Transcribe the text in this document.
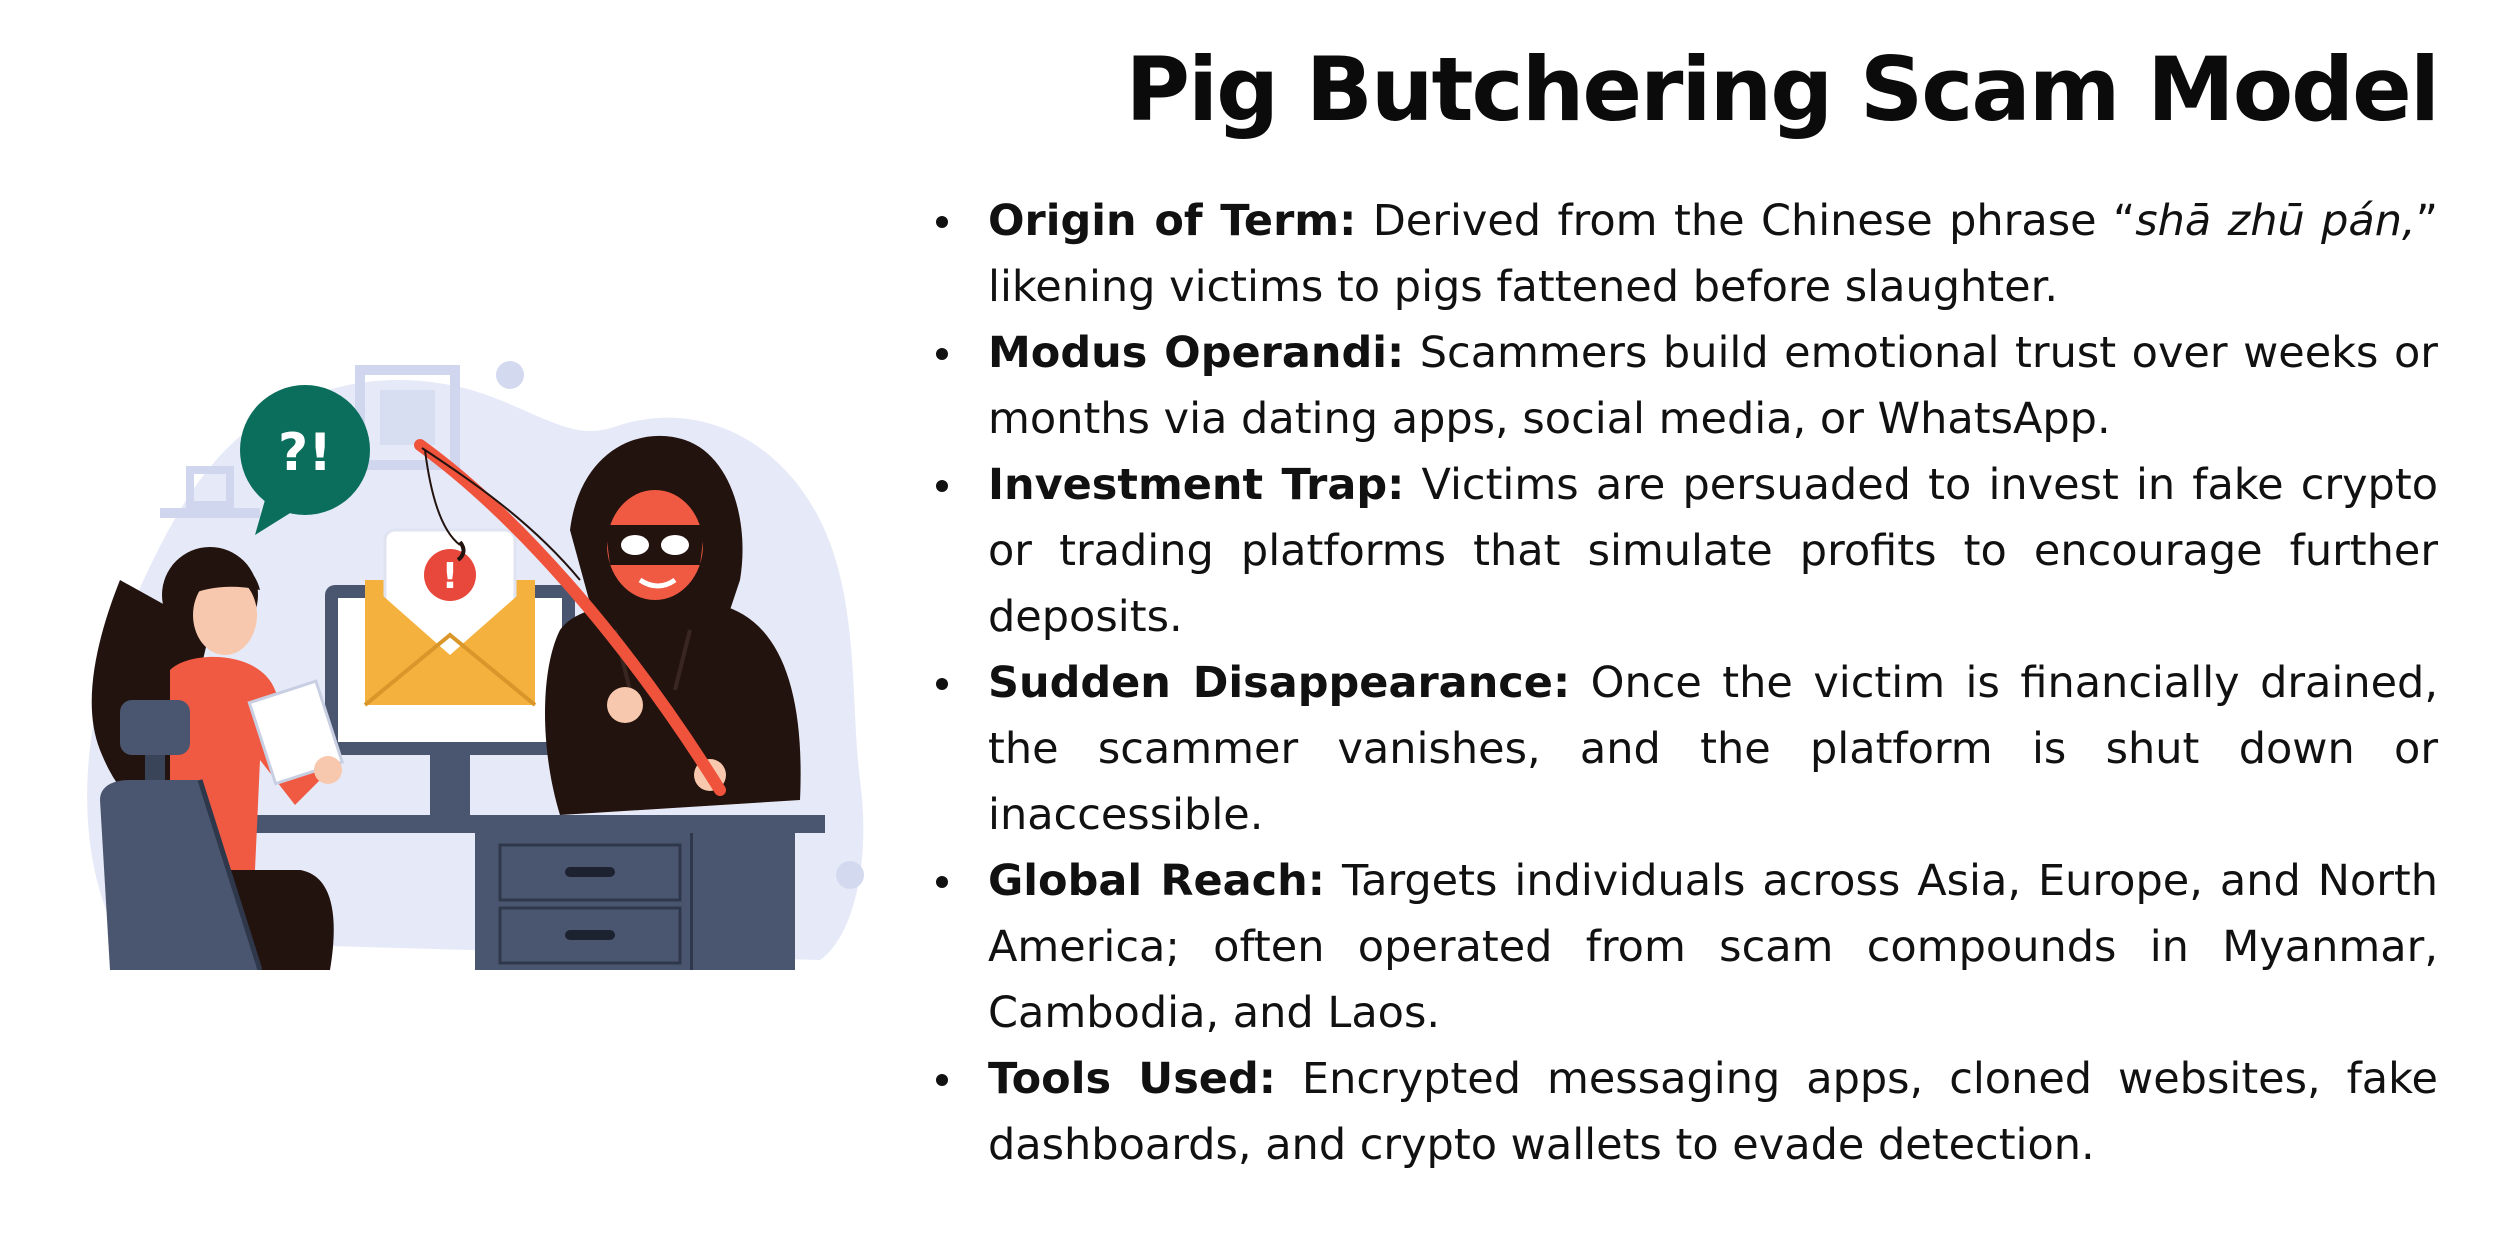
Pig Butchering Scam Model
?!
!
Origin of Term: Derived from the Chinese phrase “shā zhū pán,” likening victims to pigs fattened before slaughter.
Modus Operandi: Scammers build emotional trust over weeks or months via dating apps, social media, or WhatsApp.
Investment Trap: Victims are persuaded to invest in fake crypto or trading platforms that simulate profits to encourage further deposits.
Sudden Disappearance: Once the victim is financially drained, the scammer vanishes, and the platform is shut down or inaccessible.
Global Reach: Targets individuals across Asia, Europe, and North America; often operated from scam compounds in Myanmar, Cambodia, and Laos.
Tools Used: Encrypted messaging apps, cloned websites, fake dashboards, and crypto wallets to evade detection.
